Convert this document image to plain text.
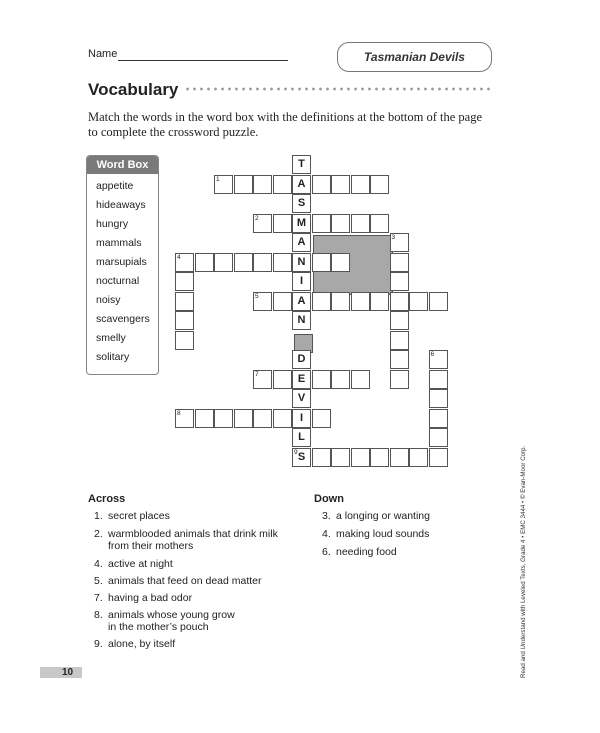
Name	Tasmanian Devils
Vocabulary
Match the words in the word box with the definitions at the bottom of the page to complete the crossword puzzle.
Word Box
appetite
hideaways
hungry
mammals
marsupials
nocturnal
noisy
scavengers
smelly
solitary
T
A
S
M
A
N
I
A
N
D
E
V
I
L
S
1
2
3
4
5
6
7
8
9
Across	Down
10	Read and Understand with Leveled Texts, Grade 4 • EMC 3444 • © Evan-Moor Corp.
1. secret places
2. warmblooded animals that drink milk
from their mothers
4. active at night
5. animals that feed on dead matter
7. having a bad odor
8. animals whose young grow
in the mother’s pouch
9. alone, by itself
3. a longing or wanting
4. making loud sounds
6. needing food
